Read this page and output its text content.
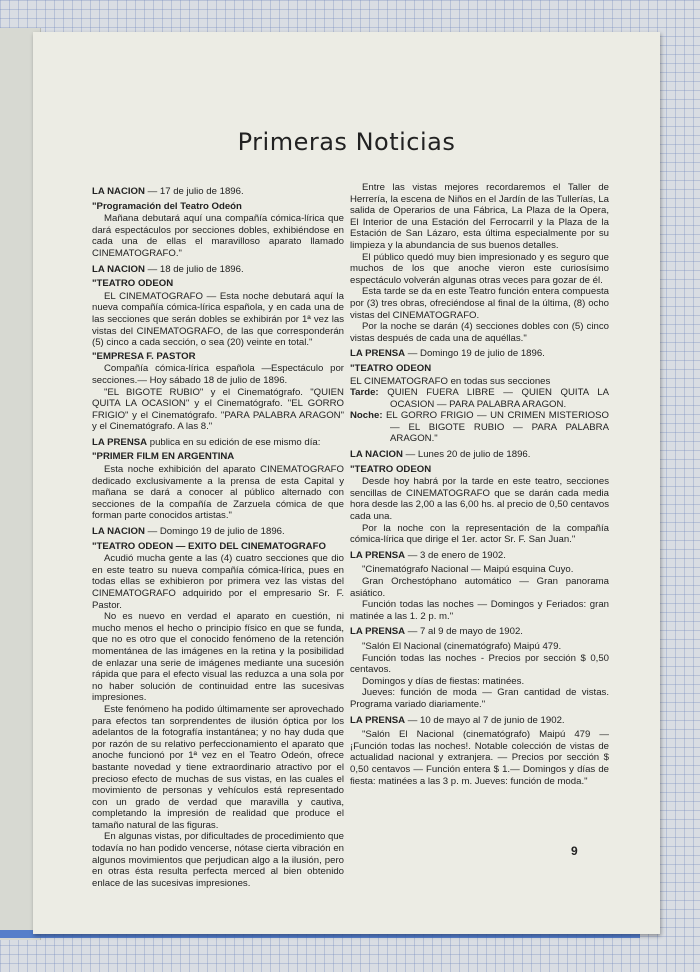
Primeras Noticias

LA NACION — 17 de julio de 1896.

"Programación del Teatro Odeón

Mañana debutará aquí una compañía cómica-lírica que dará espectáculos por secciones dobles, exhibiéndose en cada una de ellas el maravilloso aparato llamado CINEMATOGRAFO."

LA NACION — 18 de julio de 1896.

"TEATRO ODEON

EL CINEMATOGRAFO — Esta noche debutará aquí la nueva compañía cómica-lírica española, y en cada una de las secciones que serán dobles se exhibirán por 1ª vez las vistas del CINEMATOGRAFO, de las que corresponderán (5) cinco a cada sección, o sea (20) veinte en total."

"EMPRESA F. PASTOR

Compañía cómica-lírica española —Espectáculo por secciones.— Hoy sábado 18 de julio de 1896.

"EL BIGOTE RUBIO" y el Cinematógrafo. "QUIEN QUITA LA OCASION" y el Cinematógrafo. "EL GORRO FRIGIO" y el Cinematógrafo. "PARA PALABRA ARAGON" y el Cinematógrafo. A las 8."

LA PRENSA publica en su edición de ese mismo día:

"PRIMER FILM EN ARGENTINA

Esta noche exhibición del aparato CINEMATOGRAFO dedicado exclusivamente a la prensa de esta Capital y mañana se dará a conocer al público alternado con secciones de la compañía de Zarzuela cómica de que forman parte conocidos artistas."

LA NACION — Domingo 19 de julio de 1896.

"TEATRO ODEON — EXITO DEL CINEMATOGRAFO

Acudió mucha gente a las (4) cuatro secciones que dio en este teatro su nueva compañía cómica-lírica, pues en todas ellas se exhibieron por primera vez las vistas del CINEMATOGRAFO adquirido por el empresario Sr. F. Pastor.

No es nuevo en verdad el aparato en cuestión, ni mucho menos el hecho o principio físico en que se funda, que no es otro que el conocido fenómeno de la retención momentánea de las imágenes en la retina y la posibilidad de enlazar una serie de imágenes mediante una sucesión rápida que para el efecto visual las reduzca a una sola por no haber solución de continuidad entre las sucesivas impresiones.

Este fenómeno ha podido últimamente ser aprovechado para efectos tan sorprendentes de ilusión óptica por los adelantos de la fotografía instantánea; y no hay duda que por razón de su relativo perfeccionamiento el aparato que anoche funcionó por 1ª vez en el Teatro Odeón, ofrece bastante novedad y tiene extraordinario atractivo por el precioso efecto de muchas de sus vistas, en las cuales el movimiento de personas y vehículos está representado con un grado de verdad que maravilla y cautiva, completando la impresión de realidad que produce el tamaño natural de las figuras.

En algunas vistas, por dificultades de procedimiento que todavía no han podido vencerse, nótase cierta vibración en algunos movimientos que perjudican algo a la ilusión, pero en otras ésta resulta perfecta merced al bien obtenido enlace de las sucesivas impresiones.

Entre las vistas mejores recordaremos el Taller de Herrería, la escena de Niños en el Jardín de las Tullerías, La salida de Operarios de una Fábrica, La Plaza de la Opera, El Interior de una Estación del Ferrocarril y la Plaza de la Estación de San Lázaro, esta última especialmente por su limpieza y la abundancia de sus buenos detalles.

El público quedó muy bien impresionado y es seguro que muchos de los que anoche vieron este curiosísimo espectáculo volverán algunas otras veces para gozar de él.

Esta tarde se da en este Teatro función entera compuesta por (3) tres obras, ofreciéndose al final de la última, (8) ocho vistas del CINEMATOGRAFO.

Por la noche se darán (4) secciones dobles con (5) cinco vistas después de cada una de aquéllas."

LA PRENSA — Domingo 19 de julio de 1896.

"TEATRO ODEON

EL CINEMATOGRAFO en todas sus secciones

Tarde: QUIEN FUERA LIBRE — QUIEN QUITA LA OCASION — PARA PALABRA ARAGON.

Noche: EL GORRO FRIGIO — UN CRIMEN MISTERIOSO — EL BIGOTE RUBIO — PARA PALABRA ARAGON."

LA NACION — Lunes 20 de julio de 1896.

"TEATRO ODEON

Desde hoy habrá por la tarde en este teatro, secciones sencillas de CINEMATOGRAFO que se darán cada media hora desde las 2,00 a las 6,00 hs. al precio de 0,50 centavos cada una.

Por la noche con la representación de la compañía cómica-lírica que dirige el 1er. actor Sr. F. San Juan."

LA PRENSA — 3 de enero de 1902.

"Cinematógrafo Nacional — Maipú esquina Cuyo.

Gran Orchestóphano automático — Gran panorama asiático.

Función todas las noches — Domingos y Feriados: gran matinée a las 1. 2 p. m."

LA PRENSA — 7 al 9 de mayo de 1902.

"Salón El Nacional (cinematógrafo) Maipú 479.

Función todas las noches - Precios por sección $ 0,50 centavos.

Domingos y días de fiestas: matinées.

Jueves: función de moda — Gran cantidad de vistas. Programa variado diariamente."

LA PRENSA — 10 de mayo al 7 de junio de 1902.

"Salón El Nacional (cinematógrafo) Maipú 479 — ¡Función todas las noches!. Notable colección de vistas de actualidad nacional y extranjera. — Precios por sección $ 0,50 centavos — Función entera $ 1.— Domingos y días de fiesta: matinées a las 3 p. m. Jueves: función de moda."

9
